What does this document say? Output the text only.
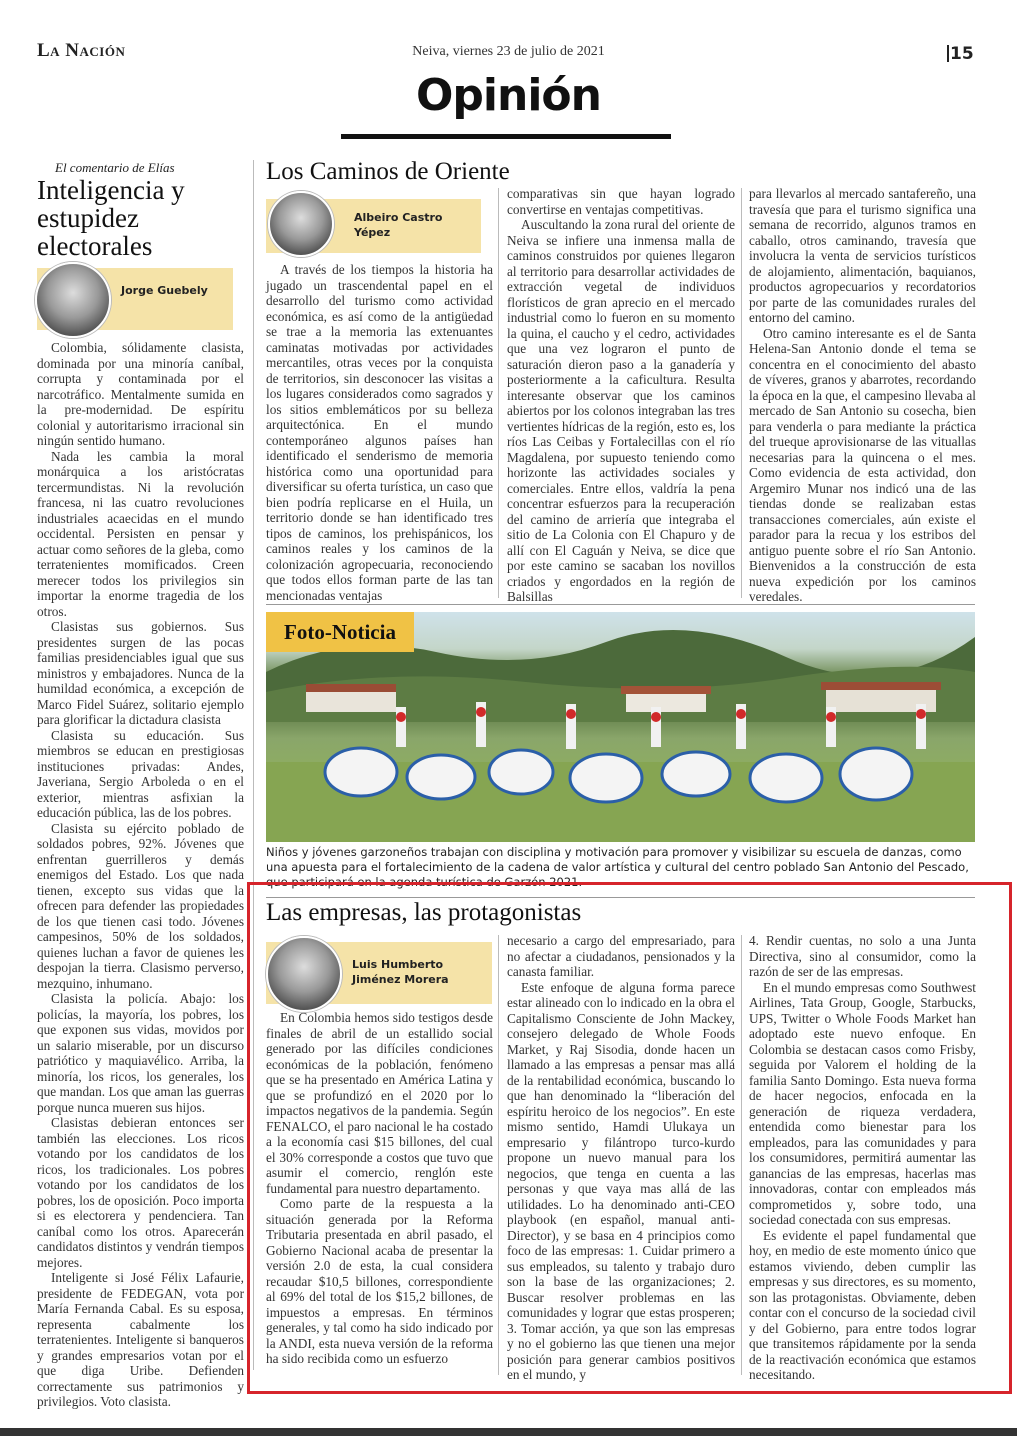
La Nación	Neiva, viernes 23 de julio de 2021	15
Opinión
El comentario de Elías
Inteligencia y estupidez electorales
Jorge Guebely

Colombia, sólidamente clasista, dominada por una minoría caníbal, corrupta y contaminada por el narcotráfico. Mentalmente sumida en la pre-modernidad. De espíritu colonial y autoritarismo irracional sin ningún sentido humano.

Nada les cambia la moral monárquica a los aristócratas tercermundistas. Ni la revolución francesa, ni las cuatro revoluciones industriales acaecidas en el mundo occidental. Persisten en pensar y actuar como señores de la gleba, como terratenientes momificados. Creen merecer todos los privilegios sin importar la enorme tragedia de los otros.

Clasistas sus gobiernos. Sus presidentes surgen de las pocas familias presidenciables igual que sus ministros y embajadores. Nunca de la humildad económica, a excepción de Marco Fidel Suárez, solitario ejemplo para glorificar la dictadura clasista

Clasista su educación. Sus miembros se educan en prestigiosas instituciones privadas: Andes, Javeriana, Sergio Arboleda o en el exterior, mientras asfixian la educación pública, las de los pobres.

Clasista su ejército poblado de soldados pobres, 92%. Jóvenes que enfrentan guerrilleros y demás enemigos del Estado. Los que nada tienen, excepto sus vidas que la ofrecen para defender las propiedades de los que tienen casi todo. Jóvenes campesinos, 50% de los soldados, quienes luchan a favor de quienes les despojan la tierra. Clasismo perverso, mezquino, inhumano.

Clasista la policía. Abajo: los policías, la mayoría, los pobres, los que exponen sus vidas, movidos por un salario miserable, por un discurso patriótico y maquiavélico. Arriba, la minoría, los ricos, los generales, los que mandan. Los que aman las guerras porque nunca mueren sus hijos.

Clasistas debieran entonces ser también las elecciones. Los ricos votando por los candidatos de los ricos, los tradicionales. Los pobres votando por los candidatos de los pobres, los de oposición. Poco importa si es electorera y pendenciera. Tan caníbal como los otros. Aparecerán candidatos distintos y vendrán tiempos mejores.

Inteligente si José Félix Lafaurie, presidente de FEDEGAN, vota por María Fernanda Cabal. Es su esposa, representa cabalmente los terratenientes. Inteligente si banqueros y grandes empresarios votan por el que diga Uribe. Defienden correctamente sus patrimonios y privilegios. Voto clasista.

Los Caminos de Oriente
Albeiro Castro Yépez

A través de los tiempos la historia ha jugado un trascendental papel en el desarrollo del turismo como actividad económica, es así como de la antigüedad se trae a la memoria las extenuantes caminatas motivadas por actividades mercantiles, otras veces por la conquista de territorios, sin desconocer las visitas a los lugares considerados como sagrados y los sitios emblemáticos por su belleza arquitectónica. En el mundo contemporáneo algunos países han identificado el senderismo de memoria histórica como una oportunidad para diversificar su oferta turística, un caso que bien podría replicarse en el Huila, un territorio donde se han identificado tres tipos de caminos, los prehispánicos, los caminos reales y los caminos de la colonización agropecuaria, reconociendo que todos ellos forman parte de las tan mencionadas ventajas

comparativas sin que hayan logrado convertirse en ventajas competitivas.

Auscultando la zona rural del oriente de Neiva se infiere una inmensa malla de caminos construidos por quienes llegaron al territorio para desarrollar actividades de extracción vegetal de individuos florísticos de gran aprecio en el mercado industrial como lo fueron en su momento la quina, el caucho y el cedro, actividades que una vez lograron el punto de saturación dieron paso a la ganadería y posteriormente a la caficultura. Resulta interesante observar que los caminos abiertos por los colonos integraban las tres vertientes hídricas de la región, esto es, los ríos Las Ceibas y Fortalecillas con el río Magdalena, por supuesto teniendo como horizonte las actividades sociales y comerciales. Entre ellos, valdría la pena concentrar esfuerzos para la recuperación del camino de arriería que integraba el sitio de La Colonia con El Chapuro y de allí con El Caguán y Neiva, se dice que por este camino se sacaban los novillos criados y engordados en la región de Balsillas

para llevarlos al mercado santafereño, una travesía que para el turismo significa una semana de recorrido, algunos tramos en caballo, otros caminando, travesía que involucra la venta de servicios turísticos de alojamiento, alimentación, baquianos, productos agropecuarios y recordatorios por parte de las comunidades rurales del entorno del camino.

Otro camino interesante es el de Santa Helena-San Antonio donde el tema se concentra en el conocimiento del abasto de víveres, granos y abarrotes, recordando la época en la que, el campesino llevaba al mercado de San Antonio su cosecha, bien para venderla o para mediante la práctica del trueque aprovisionarse de las vituallas necesarias para la quincena o el mes. Como evidencia de esta actividad, don Argemiro Munar nos indicó una de las tiendas donde se realizaban estas transacciones comerciales, aún existe el parador para la recua y los estribos del antiguo puente sobre el río San Antonio. Bienvenidos a la construcción de esta nueva expedición por los caminos veredales.

Foto-Noticia
Niños y jóvenes garzoneños trabajan con disciplina y motivación para promover y visibilizar su escuela de danzas, como una apuesta para el fortalecimiento de la cadena de valor artística y cultural del centro poblado San Antonio del Pescado, que participará en la agenda turística de Garzón 2021.
Las empresas, las protagonistas
Luis Humberto Jiménez Morera

En Colombia hemos sido testigos desde finales de abril de un estallido social generado por las difíciles condiciones económicas de la población, fenómeno que se ha presentado en América Latina y que se profundizó en el 2020 por lo impactos negativos de la pandemia. Según FENALCO, el paro nacional le ha costado a la economía casi $15 billones, del cual el 30% corresponde a costos que tuvo que asumir el comercio, renglón este fundamental para nuestro departamento.

Como parte de la respuesta a la situación generada por la Reforma Tributaria presentada en abril pasado, el Gobierno Nacional acaba de presentar la versión 2.0 de esta, la cual considera recaudar $10,5 billones, correspondiente al 69% del total de los $15,2 billones, de impuestos a empresas. En términos generales, y tal como ha sido indicado por la ANDI, esta nueva versión de la reforma ha sido recibida como un esfuerzo

necesario a cargo del empresariado, para no afectar a ciudadanos, pensionados y la canasta familiar.

Este enfoque de alguna forma parece estar alineado con lo indicado en la obra el Capitalismo Consciente de John Mackey, consejero delegado de Whole Foods Market, y Raj Sisodia, donde hacen un llamado a las empresas a pensar mas allá de la rentabilidad económica, buscando lo que han denominado la “liberación del espíritu heroico de los negocios”. En este mismo sentido, Hamdi Ulukaya un empresario y filántropo turco-kurdo propone un nuevo manual para los negocios, que tenga en cuenta a las personas y que vaya mas allá de las utilidades. Lo ha denominado anti-CEO playbook (en español, manual anti-Director), y se basa en 4 principios como foco de las empresas: 1. Cuidar primero a sus empleados, su talento y trabajo duro son la base de las organizaciones; 2. Buscar resolver problemas en las comunidades y lograr que estas prosperen; 3. Tomar acción, ya que son las empresas y no el gobierno las que tienen una mejor posición para generar cambios positivos en el mundo, y

4. Rendir cuentas, no solo a una Junta Directiva, sino al consumidor, como la razón de ser de las empresas.

En el mundo empresas como Southwest Airlines, Tata Group, Google, Starbucks, UPS, Twitter o Whole Foods Market han adoptado este nuevo enfoque. En Colombia se destacan casos como Frisby, seguida por Valorem el holding de la familia Santo Domingo. Esta nueva forma de hacer negocios, enfocada en la generación de riqueza verdadera, entendida como bienestar para los empleados, para las comunidades y para los consumidores, permitirá aumentar las ganancias de las empresas, hacerlas mas innovadoras, contar con empleados más comprometidos y, sobre todo, una sociedad conectada con sus empresas.

Es evidente el papel fundamental que hoy, en medio de este momento único que estamos viviendo, deben cumplir las empresas y sus directores, es su momento, son las protagonistas. Obviamente, deben contar con el concurso de la sociedad civil y del Gobierno, para entre todos lograr que transitemos rápidamente por la senda de la reactivación económica que estamos necesitando.
